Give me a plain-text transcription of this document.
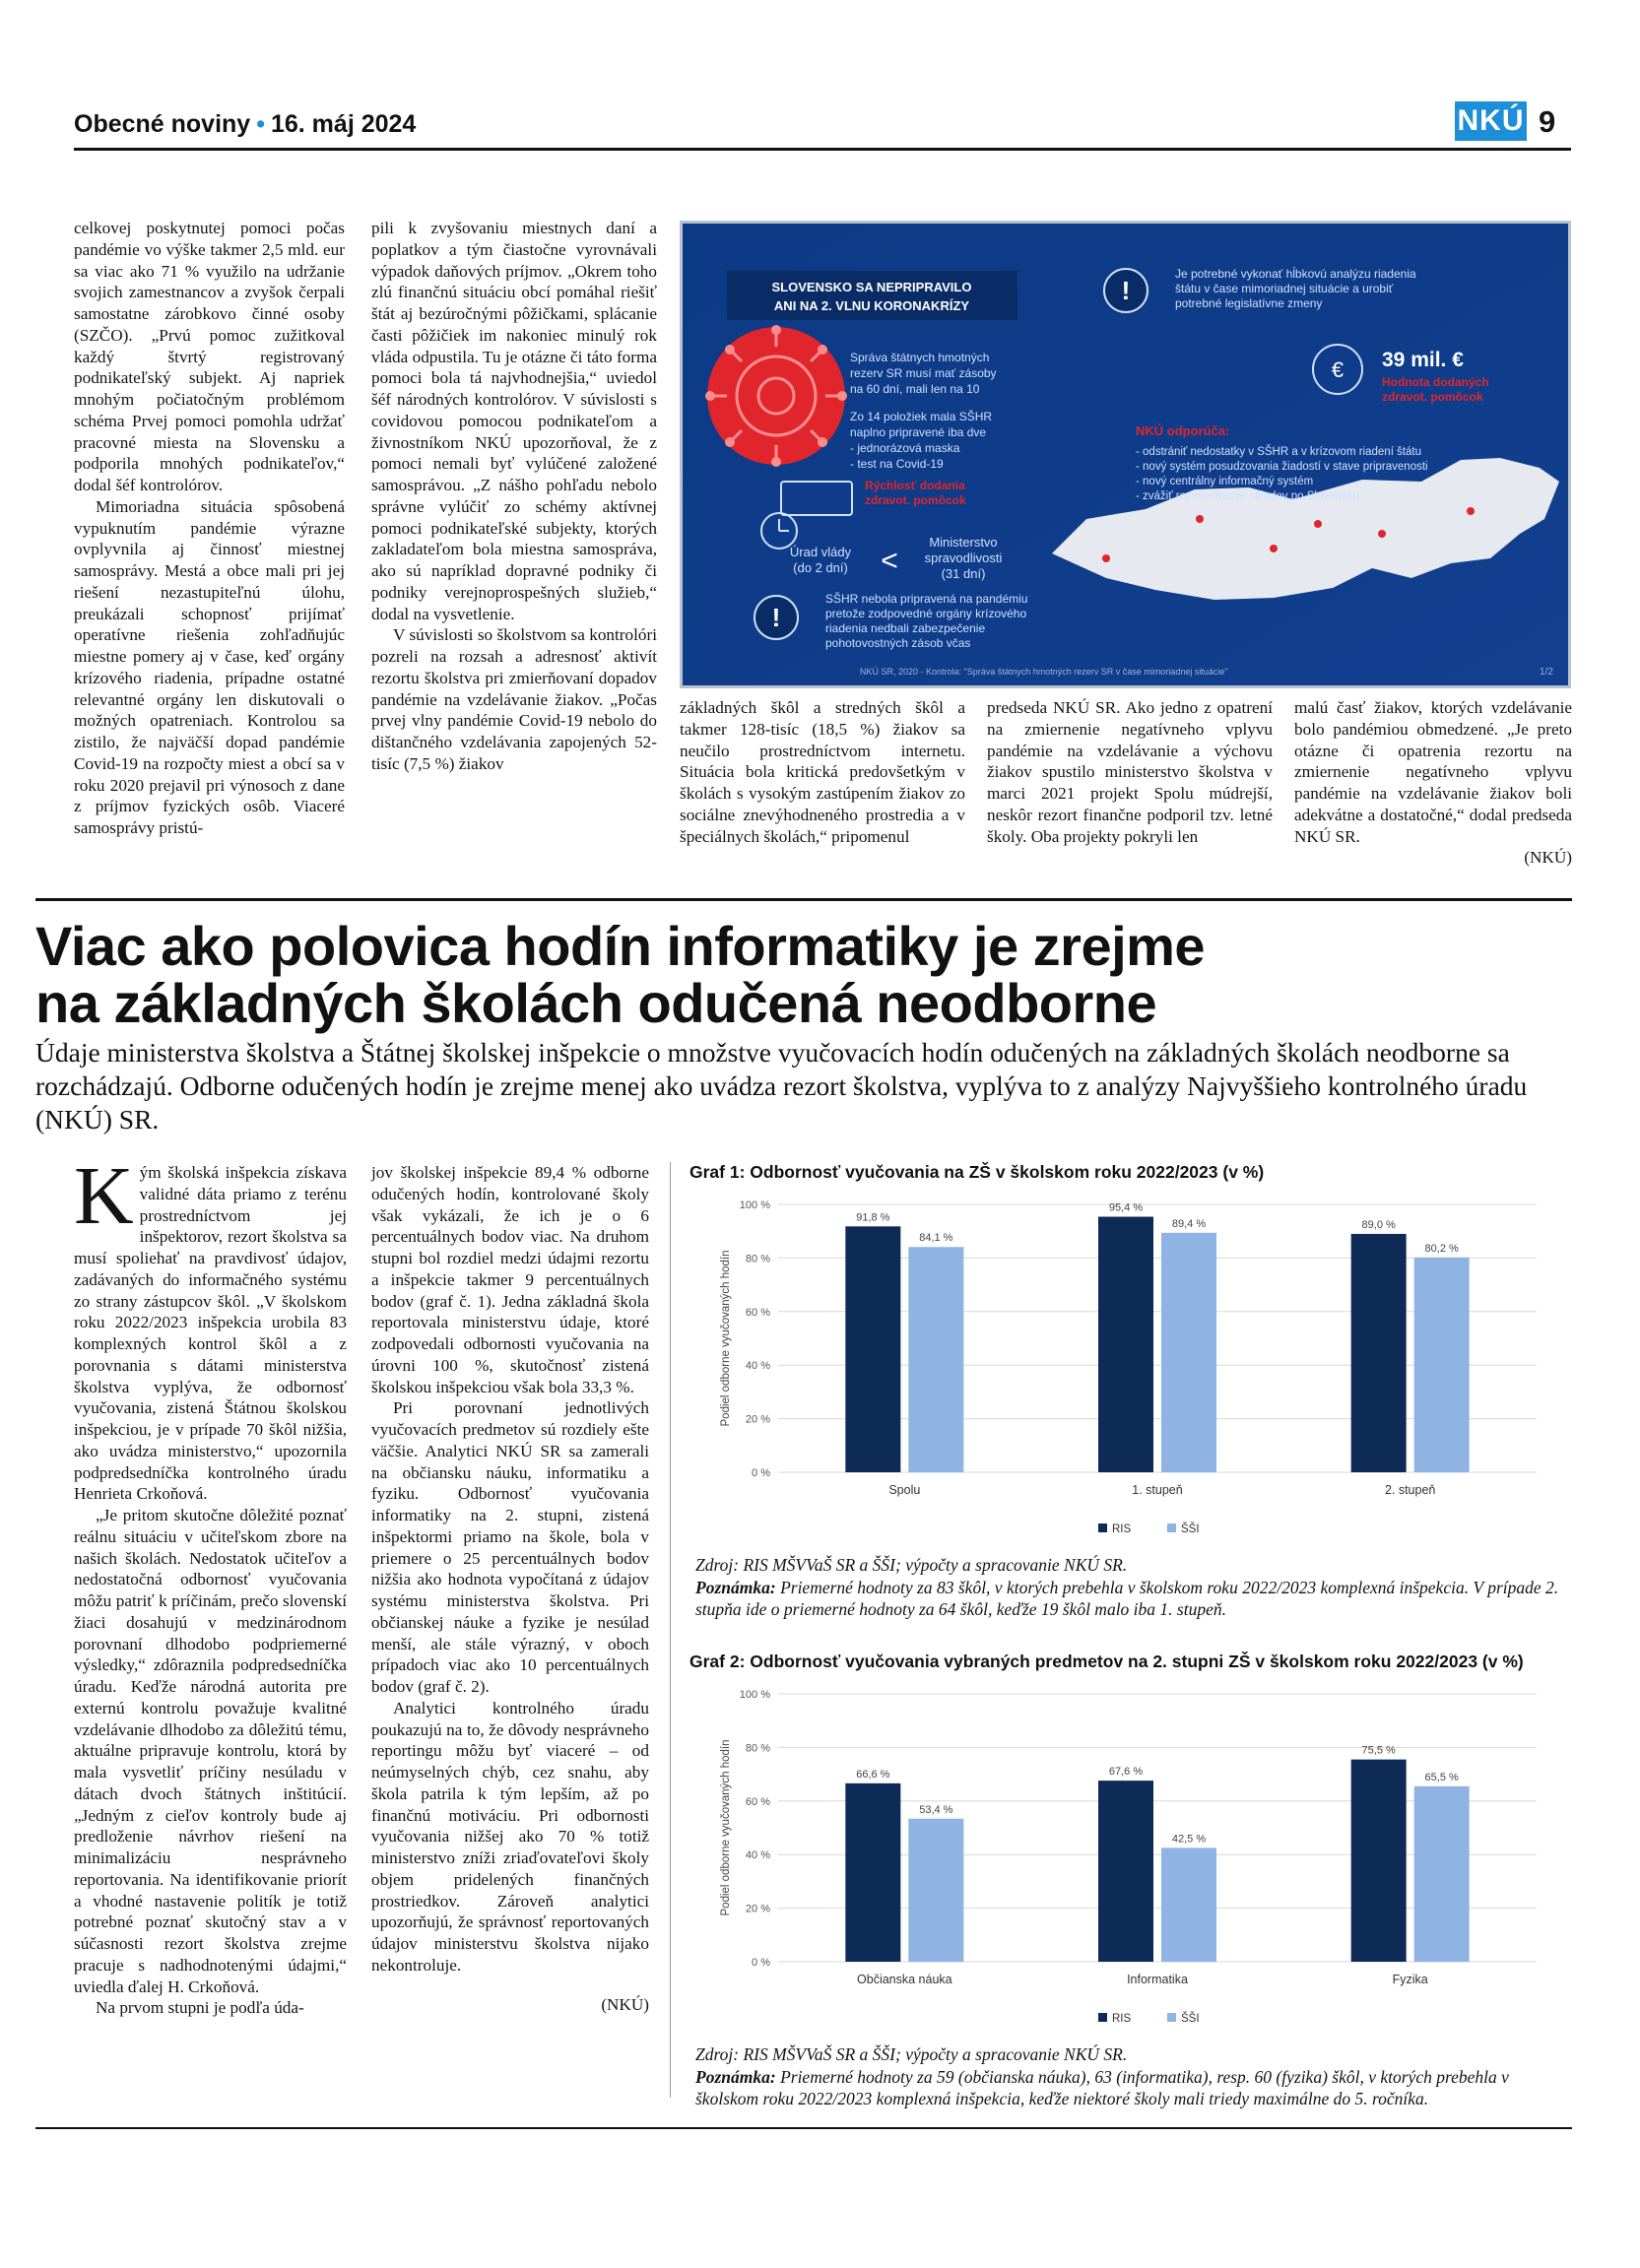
Obecné noviny • 16. máj 2024	NKÚ 9

celkovej poskytnutej pomoci počas pandémie vo výške takmer 2,5 mld. eur sa viac ako 71 % využilo na udržanie svojich zamestnancov a zvyšok čerpali samostatne zárobkovo činné osoby (SZČO). „Prvú pomoc zužitkoval každý štvrtý registrovaný podnikateľský subjekt. Aj napriek mnohým počiatočným problémom schéma Prvej pomoci pomohla udržať pracovné miesta na Slovensku a podporila mnohých podnikateľov,“ dodal šéf kontrolórov.

Mimoriadna situácia spôsobená vypuknutím pandémie výrazne ovplyvnila aj činnosť miestnej samosprávy. Mestá a obce mali pri jej riešení nezastupiteľnú úlohu, preukázali schopnosť prijímať operatívne riešenia zohľadňujúc miestne pomery aj v čase, keď orgány krízového riadenia, prípadne ostatné relevantné orgány len diskutovali o možných opatreniach. Kontrolou sa zistilo, že najväčší dopad pandémie Covid-19 na rozpočty miest a obcí sa v roku 2020 prejavil pri výnosoch z dane z príjmov fyzických osôb. Viaceré samosprávy pristú-

pili k zvyšovaniu miestnych daní a poplatkov a tým čiastočne vyrovnávali výpadok daňových príjmov. „Okrem toho zlú finančnú situáciu obcí pomáhal riešiť štát aj bezúročnými pôžičkami, splácanie časti pôžičiek im nakoniec minulý rok vláda odpustila. Tu je otázne či táto forma pomoci bola tá najvhodnejšia,“ uviedol šéf národných kontrolórov. V súvislosti s covidovou pomocou podnikateľom a živnostníkom NKÚ upozorňoval, že z pomoci nemali byť vylúčené založené samosprávou. „Z nášho pohľadu nebolo správne vylúčiť zo schémy aktívnej pomoci podnikateľské subjekty, ktorých zakladateľom bola miestna samospráva, ako sú napríklad dopravné podniky či podniky verejnoprospešných služieb,“ dodal na vysvetlenie.

V súvislosti so školstvom sa kontrolóri pozreli na rozsah a adresnosť aktivít rezortu školstva pri zmierňovaní dopadov pandémie na vzdelávanie žiakov. „Počas prvej vlny pandémie Covid-19 nebolo do dištančného vzdelávania zapojených 52-tisíc (7,5 %) žiakov

základných škôl a stredných škôl a takmer 128-tisíc (18,5 %) žiakov sa neučilo prostredníctvom internetu. Situácia bola kritická predovšetkým v školách s vysokým zastúpením žiakov zo sociálne znevýhodneného prostredia a v špeciálnych školách,“ pripomenul

predseda NKÚ SR. Ako jedno z opatrení na zmiernenie negatívneho vplyvu pandémie na vzdelávanie a výchovu žiakov spustilo ministerstvo školstva v marci 2021 projekt Spolu múdrejší, neskôr rezort finančne podporil tzv. letné školy. Oba projekty pokryli len

malú časť žiakov, ktorých vzdelávanie bolo pandémiou obmedzené. „Je preto otázne či opatrenia rezortu na zmiernenie negatívneho vplyvu pandémie na vzdelávanie žiakov boli adekvátne a dostatočné,“ dodal predseda NKÚ SR.

(NKÚ)

SLOVENSKO SA NEPRIPRAVILO
ANI NA 2. VLNU KORONAKRÍZY
Správa štátnych hmotných
rezerv SR musí mať zásoby
na 60 dní, mali len na 10
Zo 14 položiek mala SŠHR
naplno pripravené iba dve
- jednorázová maska
- test na Covid-19
Rýchlosť dodania
zdravot. pomôcok
Úrad vlády
(do 2 dní) <
Ministerstvo
spravodlivosti
(31 dní)
!
SŠHR nebola pripravená na pandémiu
pretože zodpovedné orgány krízového
riadenia nedbali zabezpečenie
pohotovostných zásob včas
!
Je potrebné vykonať hĺbkovú analýzu riadenia
štátu v čase mimoriadnej situácie a urobiť
potrebné legislatívne zmeny
€ 39 mil. €
Hodnota dodaných
zdravot. pomôcok
NKÚ odporúča:
- odstrániť nedostatky v SŠHR a v krízovom riadení štátu
- nový systém posudzovania žiadostí v stave pripravenosti
- nový centrálny informačný systém
- zvážiť rozmiestnenie skladov po Slovensku
NKÚ SR, 2020 - Kontrola: "Správa štátnych hmotných rezerv SR v čase mimoriadnej situácie"	1/2
Viac ako polovica hodín informatiky je zrejme
na základných školách odučená neodborne
Údaje ministerstva školstva a Štátnej školskej inšpekcie o množstve vyučovacích hodín odučených na základných školách neodborne sa rozchádzajú. Odborne odučených hodín je zrejme menej ako uvádza rezort školstva, vyplýva to z analýzy Najvyššieho kontrolného úradu (NKÚ) SR.

Kým školská inšpekcia získava validné dáta priamo z terénu prostredníctvom jej inšpektorov, rezort školstva sa musí spoliehať na pravdivosť údajov, zadávaných do informačného systému zo strany zástupcov škôl. „V školskom roku 2022/2023 inšpekcia urobila 83 komplexných kontrol škôl a z porovnania s dátami ministerstva školstva vyplýva, že odbornosť vyučovania, zistená Štátnou školskou inšpekciou, je v prípade 70 škôl nižšia, ako uvádza ministerstvo,“ upozornila podpredsedníčka kontrolného úradu Henrieta Crkoňová.

„Je pritom skutočne dôležité poznať reálnu situáciu v učiteľskom zbore na našich školách. Nedostatok učiteľov a nedostatočná odbornosť vyučovania môžu patriť k príčinám, prečo slovenskí žiaci dosahujú v medzinárodnom porovnaní dlhodobo podpriemerné výsledky,“ zdôraznila podpredsedníčka úradu. Keďže národná autorita pre externú kontrolu považuje kvalitné vzdelávanie dlhodobo za dôležitú tému, aktuálne pripravuje kontrolu, ktorá by mala vysvetliť príčiny nesúladu v dátach dvoch štátnych inštitúcií. „Jedným z cieľov kontroly bude aj predloženie návrhov riešení na minimalizáciu nesprávneho reportovania. Na identifikovanie priorít a vhodné nastavenie politík je totiž potrebné poznať skutočný stav a v súčasnosti rezort školstva zrejme pracuje s nadhodnotenými údajmi,“ uviedla ďalej H. Crkoňová.

Na prvom stupni je podľa úda-

jov školskej inšpekcie 89,4 % odborne odučených hodín, kontrolované školy však vykázali, že ich je o 6 percentuálnych bodov viac. Na druhom stupni bol rozdiel medzi údajmi rezortu a inšpekcie takmer 9 percentuálnych bodov (graf č. 1). Jedna základná škola reportovala ministerstvu údaje, ktoré zodpovedali odbornosti vyučovania na úrovni 100 %, skutočnosť zistená školskou inšpekciou však bola 33,3 %.

Pri porovnaní jednotlivých vyučovacích predmetov sú rozdiely ešte väčšie. Analytici NKÚ SR sa zamerali na občiansku náuku, informatiku a fyziku. Odbornosť vyučovania informatiky na 2. stupni, zistená inšpektormi priamo na škole, bola v priemere o 25 percentuálnych bodov nižšia ako hodnota vypočítaná z údajov systému ministerstva školstva. Pri občianskej náuke a fyzike je nesúlad menší, ale stále výrazný, v oboch prípadoch viac ako 10 percentuálnych bodov (graf č. 2).

Analytici kontrolného úradu poukazujú na to, že dôvody nesprávneho reportingu môžu byť viaceré – od neúmyselných chýb, cez snahu, aby škola patrila k tým lepším, až po finančnú motiváciu. Pri odbornosti vyučovania nižšej ako 70 % totiž ministerstvo zníži zriaďovateľovi školy objem pridelených finančných prostriedkov. Zároveň analytici upozorňujú, že správnosť reportovaných údajov ministerstvu školstva nijako nekontroluje.

(NKÚ)

Graf 1: Odbornosť vyučovania na ZŠ v školskom roku 2022/2023 (v %)
0 %
20 %
40 %
60 %
80 %
100 %
Podiel odborne vyučovaných hodín
91,8 %
84,1 %
Spolu
95,4 %
89,4 %
1. stupeň
89,0 %
80,2 %
2. stupeň
RIS	ŠŠI
Zdroj: RIS MŠVVaŠ SR a ŠŠI; výpočty a spracovanie NKÚ SR.
Poznámka: Priemerné hodnoty za 83 škôl, v ktorých prebehla v školskom roku 2022/2023 komplexná inšpekcia. V prípade 2. stupňa ide o priemerné hodnoty za 64 škôl, keďže 19 škôl malo iba 1. stupeň.
Graf 2: Odbornosť vyučovania vybraných predmetov na 2. stupni ZŠ v školskom roku 2022/2023 (v %)
0 %
20 %
40 %
60 %
80 %
100 %
Podiel odborne vyučovaných hodín	66,6 %
53,4 %
Občianska náuka
67,6 %
42,5 %
Informatika
75,5 %
65,5 %
Fyzika
RIS	ŠŠI
Zdroj: RIS MŠVVaŠ SR a ŠŠI; výpočty a spracovanie NKÚ SR.
Poznámka: Priemerné hodnoty za 59 (občianska náuka), 63 (informatika), resp. 60 (fyzika) škôl, v ktorých prebehla v školskom roku 2022/2023 komplexná inšpekcia, keďže niektoré školy mali triedy maximálne do 5. ročníka.
